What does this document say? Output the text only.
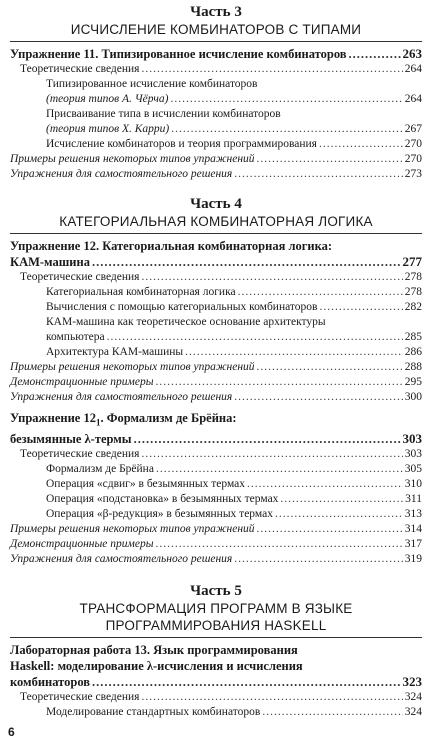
Часть 3
ИСЧИСЛЕНИЕ КОМБИНАТОРОВ С ТИПАМИ
Упражнение 11. Типизированное исчисление комбинаторов .....	263
Теоретические сведения .....	264
Типизированное исчисление комбинаторов
(теория типов А. Чёрча) .....	264
Присваивание типа в исчислении комбинаторов
(теория типов Х. Карри) .....	267
Исчисление комбинаторов и теория программирования .....	270
Примеры решения некоторых типов упражнений .....	270
Упражнения для самостоятельного решения .....	273
Часть 4
КАТЕГОРИАЛЬНАЯ КОМБИНАТОРНАЯ ЛОГИКА
Упражнение 12. Категориальная комбинаторная логика:
КАМ-машина .....	277
Теоретические сведения .....	278
Категориальная комбинаторная логика .....	278
Вычисления с помощью категориальных комбинаторов .....	282
КАМ-машина как теоретическое основание архитектуры
компьютера .....	285
Архитектура КАМ-машины .....	286
Примеры решения некоторых типов упражнений .....	288
Демонстрационные примеры .....	295
Упражнения для самостоятельного решения .....	300
Упражнение $12_1$. Формализм де Брёйна:
безымянные λ-термы .....	303
Теоретические сведения .....	303
Формализм де Брёйна .....	305
Операция «сдвиг» в безымянных термах .....	310
Операция «подстановка» в безымянных термах .....	311
Операция «β-редукция» в безымянных термах .....	313
Примеры решения некоторых типов упражнений .....	314
Демонстрационные примеры .....	317
Упражнения для самостоятельного решения .....	319
Часть 5
ТРАНСФОРМАЦИЯ ПРОГРАММ В ЯЗЫКЕ
ПРОГРАММИРОВАНИЯ HASKELL
Лабораторная работа 13. Язык программирования
Haskell: моделирование λ-исчисления и исчисления
комбинаторов .....	323
Теоретические сведения .....	324
Моделирование стандартных комбинаторов .....	324
6
